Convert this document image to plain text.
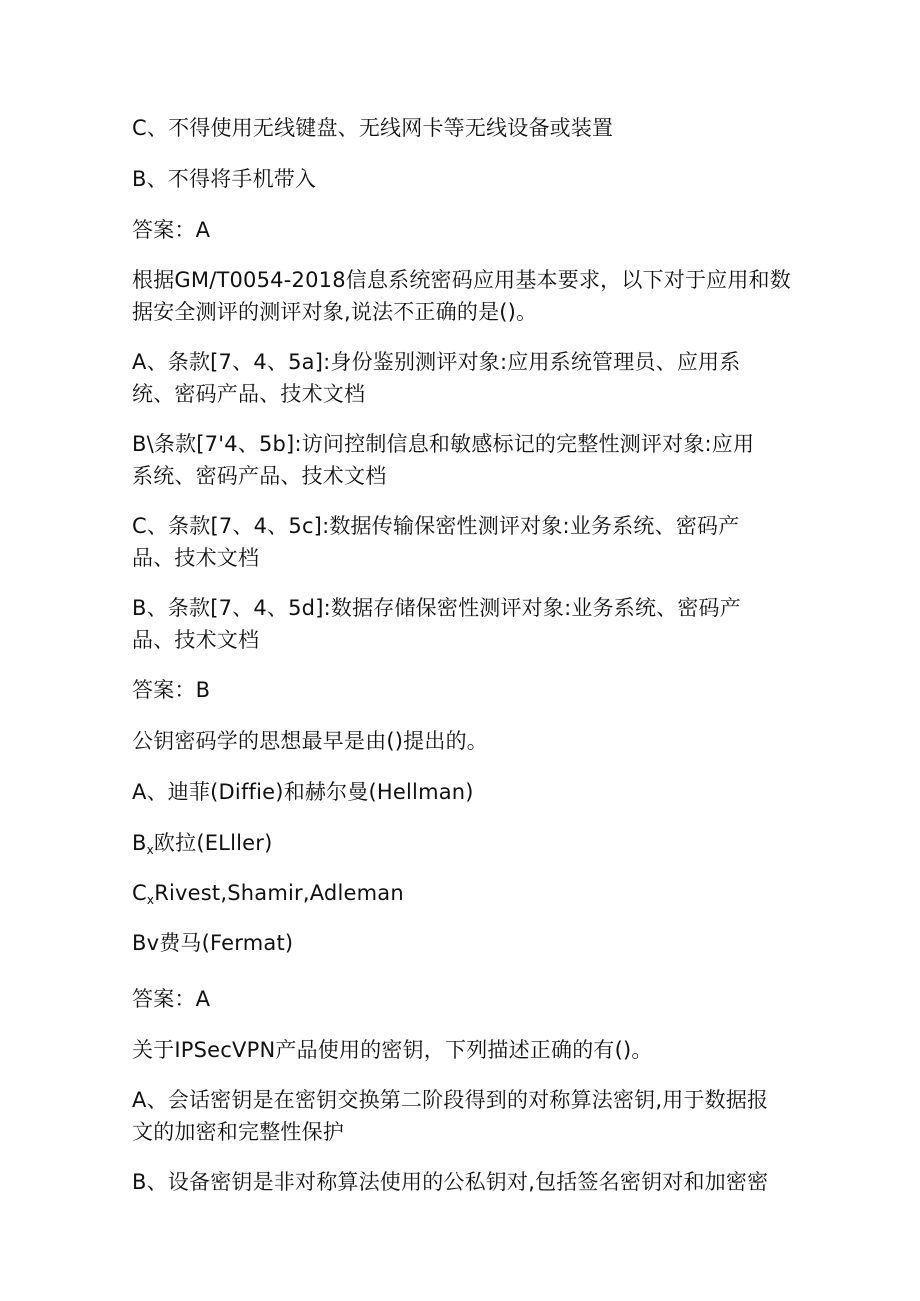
C、不得使用无线键盘、无线网卡等无线设备或装置
B、不得将手机带入
答案：A
根据GM/T0054-2018信息系统密码应用基本要求，以下对于应用和数
据安全测评的测评对象,说法不正确的是()。
A、条款[7、4、5a]:身份鉴别测评对象:应用系统管理员、应用系
统、密码产品、技术文档
B\条款[7'4、5b]:访问控制信息和敏感标记的完整性测评对象:应用
系统、密码产品、技术文档
C、条款[7、4、5c]:数据传输保密性测评对象:业务系统、密码产
品、技术文档
B、条款[7、4、5d]:数据存储保密性测评对象:业务系统、密码产
品、技术文档
答案：B
公钥密码学的思想最早是由()提出的。
A、迪菲(Diffie)和赫尔曼(Hellman)
$B_x$欧拉(ELller)
$C_xRivest,Shamir,Adleman$
Bv费马(Fermat)
答案：A
关于IPSecVPN产品使用的密钥，下列描述正确的有()。
A、会话密钥是在密钥交换第二阶段得到的对称算法密钥,用于数据报
文的加密和完整性保护
B、设备密钥是非对称算法使用的公私钥对,包括签名密钥对和加密密
